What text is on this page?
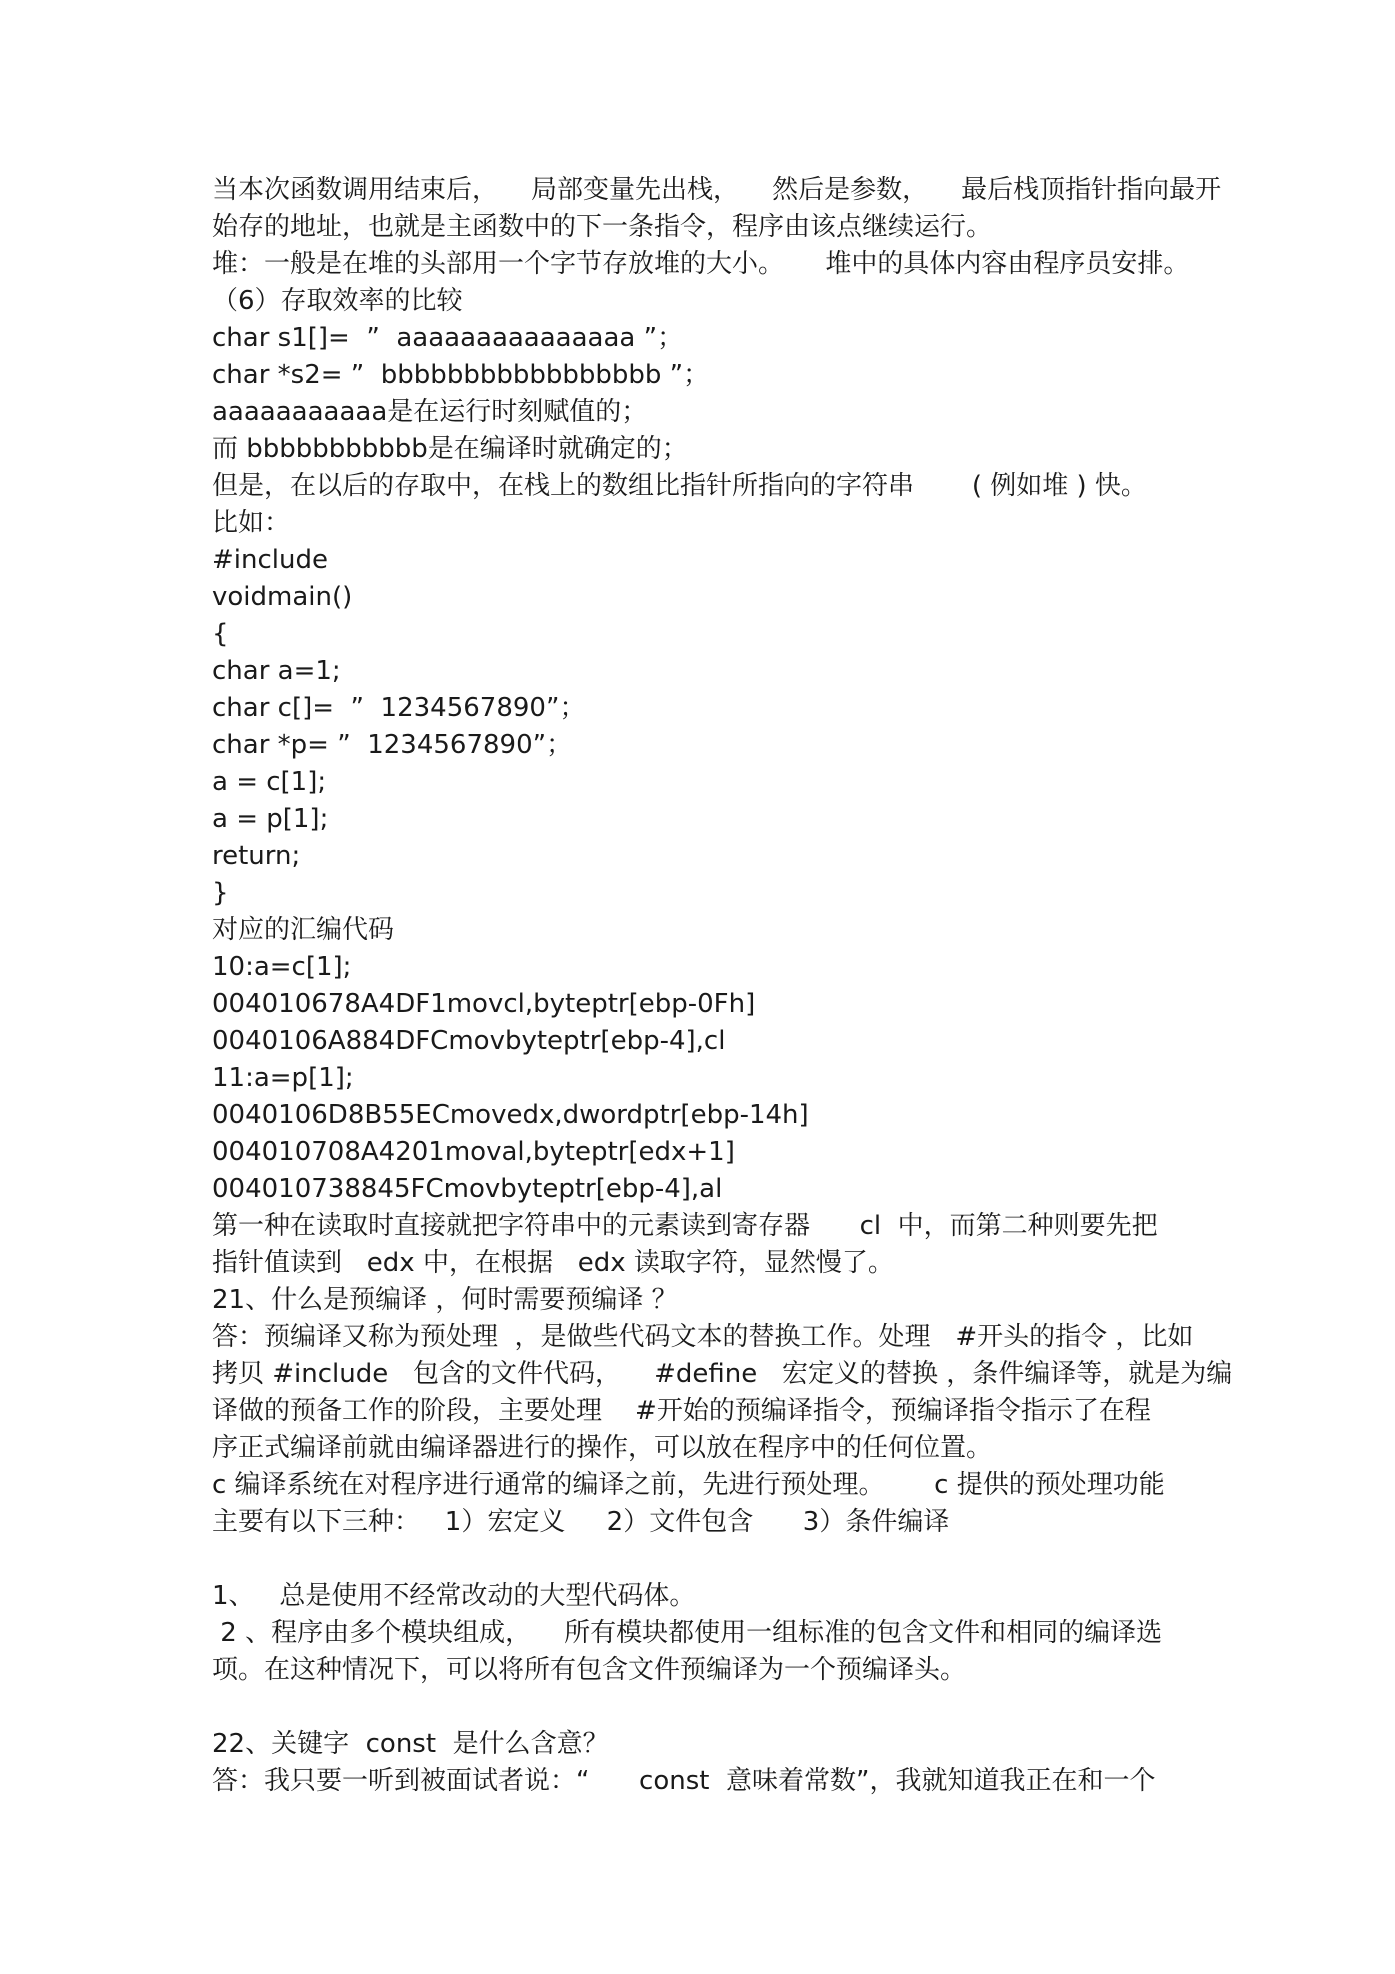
当本次函数调用结束后，    局部变量先出栈，    然后是参数，    最后栈顶指针指向最开

始存的地址，也就是主函数中的下一条指令，程序由该点继续运行。

堆：一般是在堆的头部用一个字节存放堆的大小。     堆中的具体内容由程序员安排。

（6）存取效率的比较

char s1[]=  ”  aaaaaaaaaaaaaaa ”；

char *s2= ”  bbbbbbbbbbbbbbbbb ”；

aaaaaaaaaaa是在运行时刻赋值的；

而 bbbbbbbbbbb是在编译时就确定的；

但是，在以后的存取中，在栈上的数组比指针所指向的字符串       ( 例如堆 ) 快。

比如：

#include

voidmain()

{

char a=1;

char c[]=  ”  1234567890”；

char *p= ”  1234567890”；

a = c[1];

a = p[1];

return;

}

对应的汇编代码

10:a=c[1];

004010678A4DF1movcl,byteptr[ebp-0Fh]

0040106A884DFCmovbyteptr[ebp-4],cl

11:a=p[1];

0040106D8B55ECmovedx,dwordptr[ebp-14h]

004010708A4201moval,byteptr[edx+1]

004010738845FCmovbyteptr[ebp-4],al

第一种在读取时直接就把字符串中的元素读到寄存器      cl  中，而第二种则要先把

指针值读到   edx 中，在根据   edx 读取字符，显然慢了。

21、什么是预编译 ，何时需要预编译 ？

答：预编译又称为预处理  ，是做些代码文本的替换工作。处理   #开头的指令 ，比如

拷贝 #include   包含的文件代码，    #define   宏定义的替换 ，条件编译等，就是为编

译做的预备工作的阶段，主要处理    #开始的预编译指令，预编译指令指示了在程

序正式编译前就由编译器进行的操作，可以放在程序中的任何位置。

c 编译系统在对程序进行通常的编译之前，先进行预处理。      c 提供的预处理功能

主要有以下三种：   1）宏定义     2）文件包含      3）条件编译

1、   总是使用不经常改动的大型代码体。

2 、程序由多个模块组成，    所有模块都使用一组标准的包含文件和相同的编译选

项。在这种情况下，可以将所有包含文件预编译为一个预编译头。

22、关键字  const  是什么含意？

答：我只要一听到被面试者说：“      const  意味着常数”，我就知道我正在和一个
